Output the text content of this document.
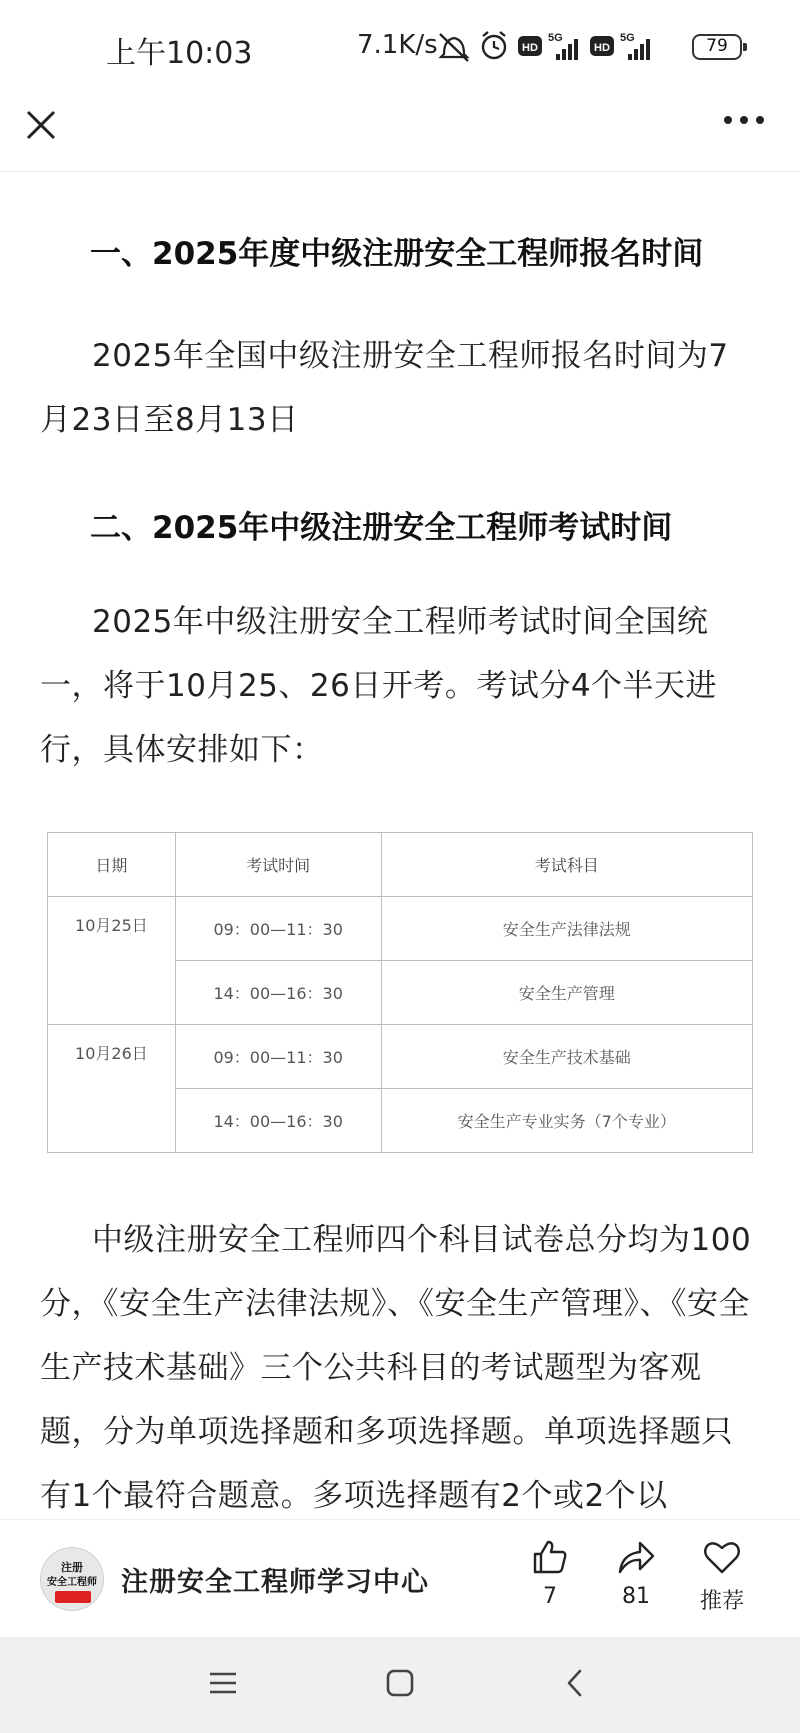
上午10:03	7.1K/s	HD
5G
HD
5G	79
一、2025年度中级注册安全工程师报名时间
2025年全国中级注册安全工程师报名时间为7月23日至8月13日
二、2025年中级注册安全工程师考试时间
2025年中级注册安全工程师考试时间全国统一，将于10月25、26日开考。考试分4个半天进行，具体安排如下：
日期	考试时间	考试科目
10月25日	09：00—11：30	安全生产法律法规
	14：00—16：30	安全生产管理
10月26日	09：00—11：30	安全生产技术基础
	14：00—16：30	安全生产专业实务（7个专业）
中级注册安全工程师四个科目试卷总分均为100分，《安全生产法律法规》、《安全生产管理》、《安全生产技术基础》三个公共科目的考试题型为客观题，分为单项选择题和多项选择题。单项选择题只有1个最符合题意。多项选择题有2个或2个以
注册
安全工程师 注册安全工程师学习中心	7	81	推荐
